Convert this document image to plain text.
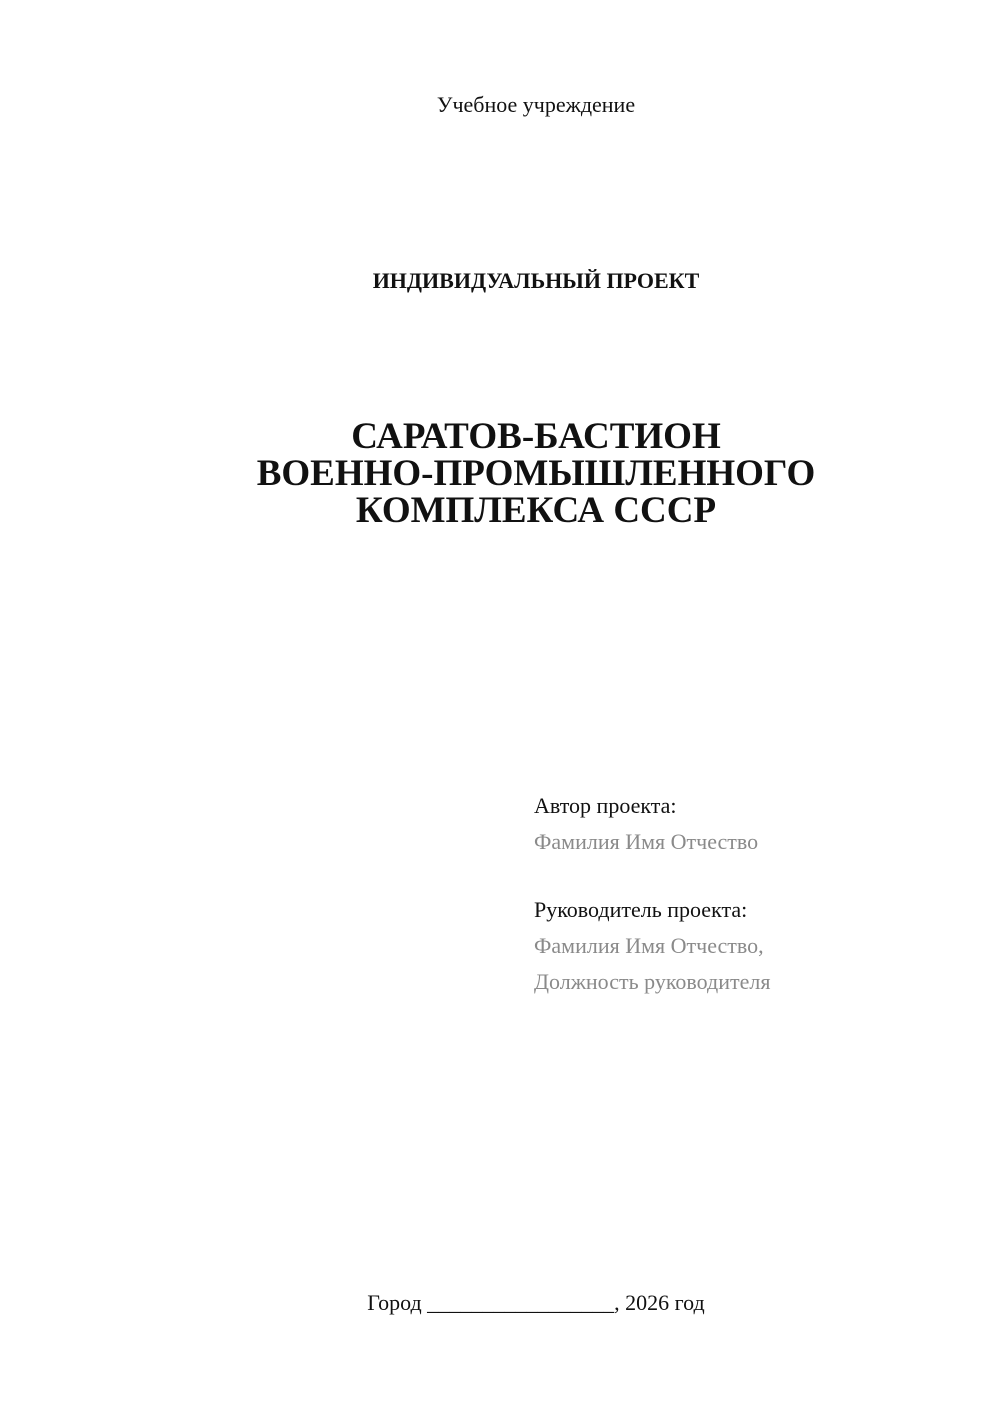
Учебное учреждение
ИНДИВИДУАЛЬНЫЙ ПРОЕКТ
САРАТОВ-БАСТИОН
ВОЕННО-ПРОМЫШЛЕННОГО
КОМПЛЕКСА СССР
Автор проекта:
Фамилия Имя Отчество
Руководитель проекта:
Фамилия Имя Отчество,
Должность руководителя
Город _________________, 2026 год
